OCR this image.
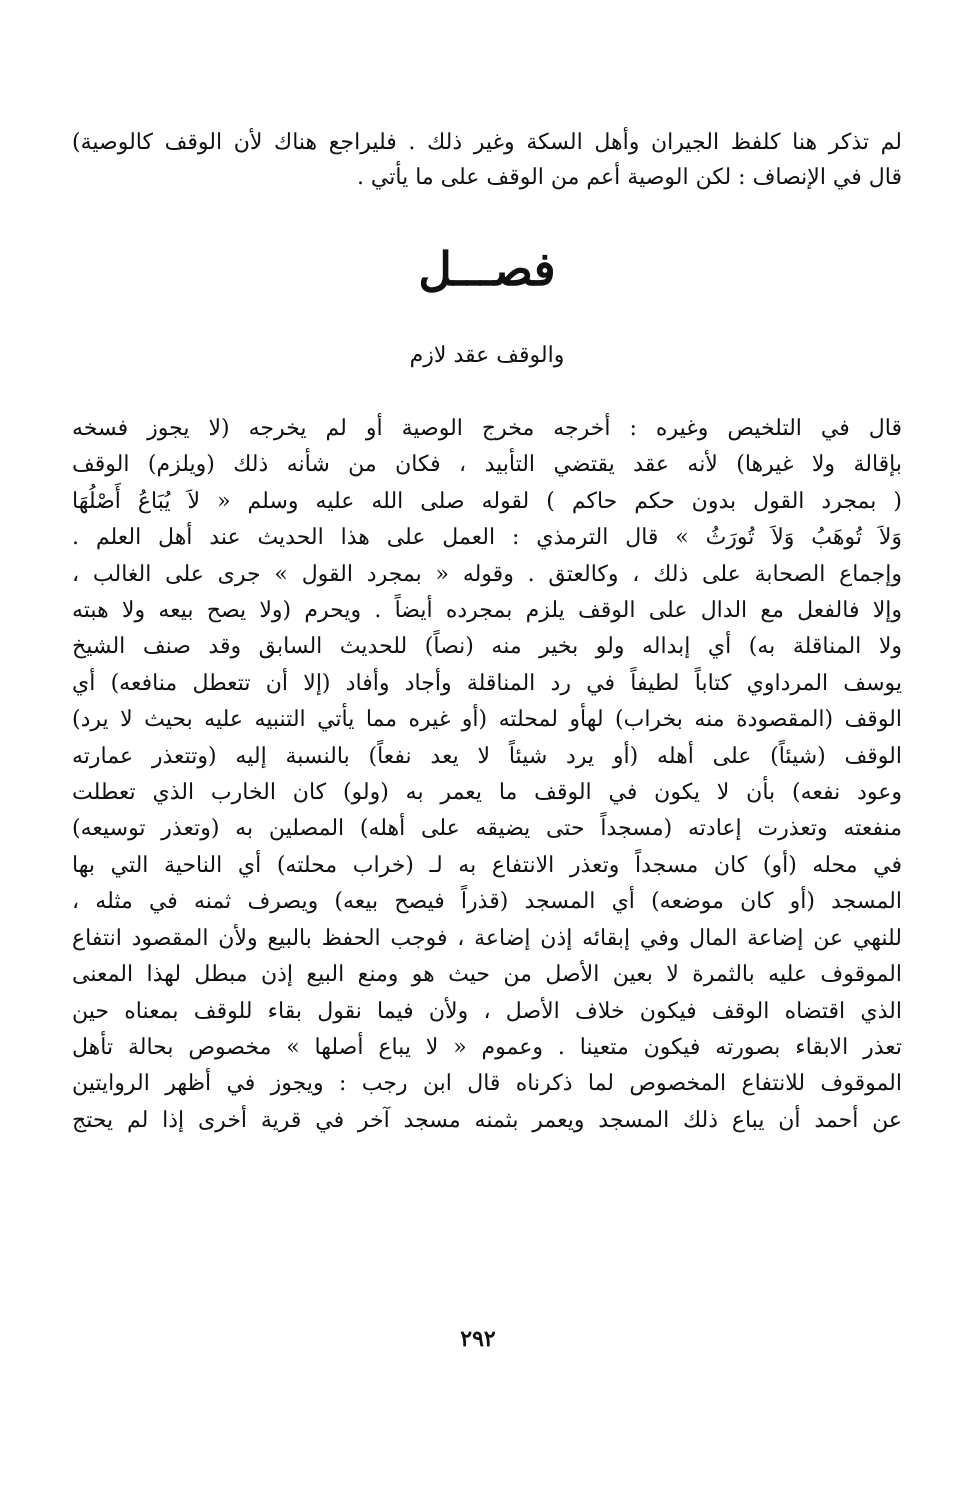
لم تذكر هنا كلفظ الجيران وأهل السكة وغير ذلك . فليراجع هناك لأن الوقف كالوصية)
قال في الإنصاف : لكن الوصية أعم من الوقف على ما يأتي .
فصـــل
والوقف عقد لازم
قال في التلخيص وغيره : أخرجه مخرج الوصية أو لم يخرجه (لا يجوز فسخه
بإقالة ولا غيرها) لأنه عقد يقتضي التأبيد ، فكان من شأنه ذلك (ويلزم) الوقف
( بمجرد القول بدون حكم حاكم ) لقوله صلى الله عليه وسلم « لاَ يُبَاعُ أَصْلُهَا
وَلاَ تُوهَبُ وَلاَ تُورَثُ » قال الترمذي : العمل على هذا الحديث عند أهل العلم .
وإجماع الصحابة على ذلك ، وكالعتق . وقوله « بمجرد القول » جرى على الغالب ،
وإلا فالفعل مع الدال على الوقف يلزم بمجرده أيضاً . ويحرم (ولا يصح بيعه ولا هبته
ولا المناقلة به) أي إبداله ولو بخير منه (نصاً) للحديث السابق وقد صنف الشيخ
يوسف المرداوي كتاباً لطيفاً في رد المناقلة وأجاد وأفاد (إلا أن تتعطل منافعه) أي
الوقف (المقصودة منه بخراب) لهأو لمحلته (أو غيره مما يأتي التنبيه عليه بحيث لا يرد)
الوقف (شيئاً) على أهله (أو يرد شيئاً لا يعد نفعاً) بالنسبة إليه (وتتعذر عمارته
وعود نفعه) بأن لا يكون في الوقف ما يعمر به (ولو) كان الخارب الذي تعطلت
منفعته وتعذرت إعادته (مسجداً حتى يضيقه على أهله) المصلين به (وتعذر توسيعه)
في محله (أو) كان مسجداً وتعذر الانتفاع به لـ (خراب محلته) أي الناحية التي بها
المسجد (أو كان موضعه) أي المسجد (قذراً فيصح بيعه) ويصرف ثمنه في مثله ،
للنهي عن إضاعة المال وفي إبقائه إذن إضاعة ، فوجب الحفظ بالبيع ولأن المقصود انتفاع
الموقوف عليه بالثمرة لا بعين الأصل من حيث هو ومنع البيع إذن مبطل لهذا المعنى
الذي اقتضاه الوقف فيكون خلاف الأصل ، ولأن فيما نقول بقاء للوقف بمعناه حين
تعذر الابقاء بصورته فيكون متعينا . وعموم « لا يباع أصلها » مخصوص بحالة تأهل
الموقوف للانتفاع المخصوص لما ذكرناه قال ابن رجب : ويجوز في أظهر الروايتين
عن أحمد أن يباع ذلك المسجد ويعمر بثمنه مسجد آخر في قرية أخرى إذا لم يحتج
٢٩٢
